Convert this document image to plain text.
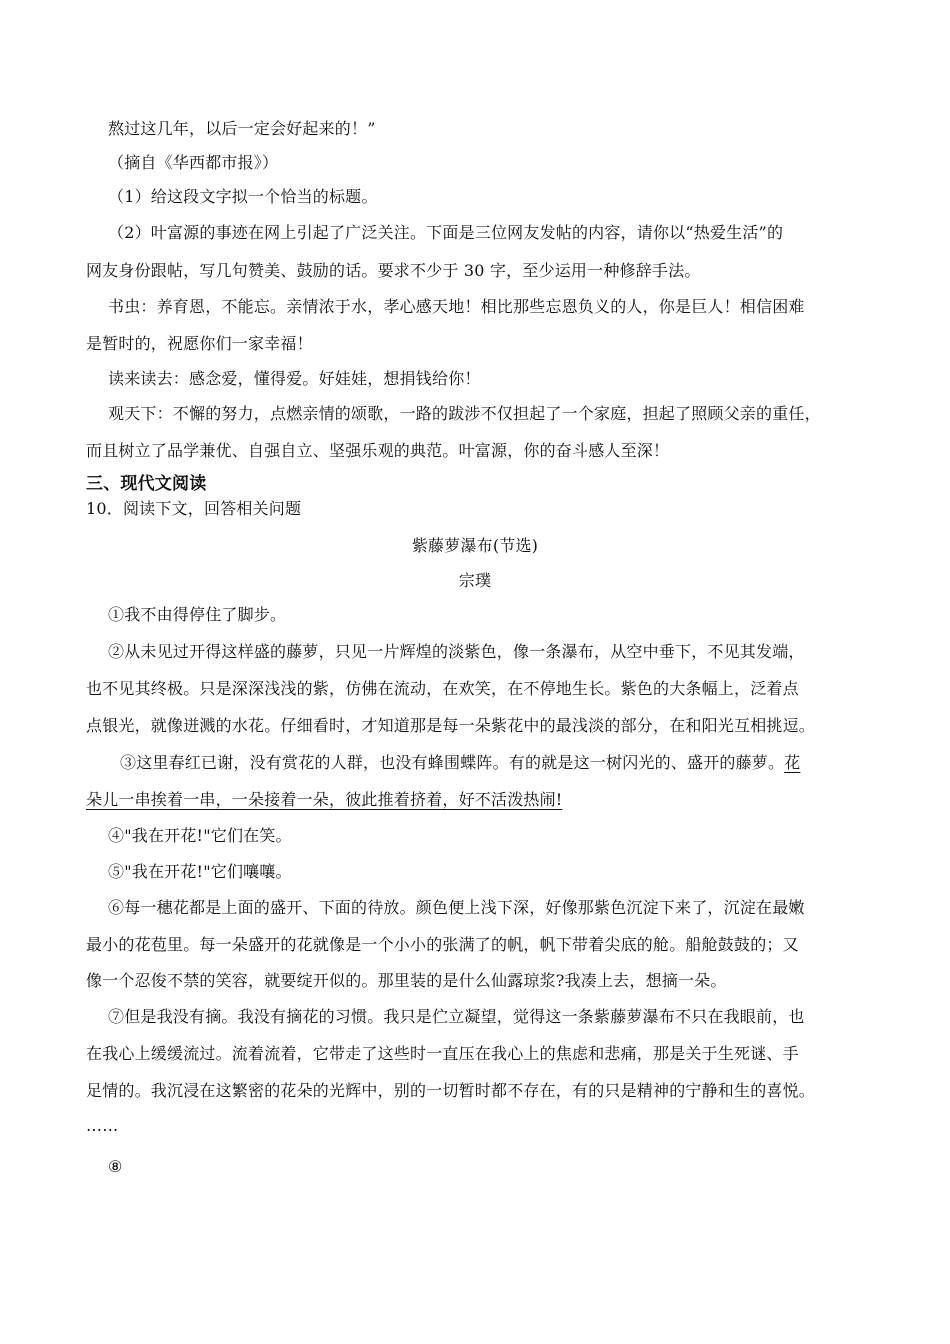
熬过这几年，以后一定会好起来的！”
（摘自《华西都市报》）
（1）给这段文字拟一个恰当的标题。
（2）叶富源的事迹在网上引起了广泛关注。下面是三位网友发帖的内容，请你以“热爱生活”的
网友身份跟帖，写几句赞美、鼓励的话。要求不少于 30 字，至少运用一种修辞手法。
书虫：养育恩，不能忘。亲情浓于水，孝心感天地！相比那些忘恩负义的人，你是巨人！相信困难
是暂时的，祝愿你们一家幸福！
读来读去：感念爱，懂得爱。好娃娃，想捐钱给你！
观天下：不懈的努力，点燃亲情的颂歌，一路的跋涉不仅担起了一个家庭，担起了照顾父亲的重任，
而且树立了品学兼优、自强自立、坚强乐观的典范。叶富源，你的奋斗感人至深！
三、现代文阅读
10．阅读下文，回答相关问题
紫藤萝瀑布(节选)
宗璞
①我不由得停住了脚步。
②从未见过开得这样盛的藤萝，只见一片辉煌的淡紫色，像一条瀑布，从空中垂下，不见其发端，
也不见其终极。只是深深浅浅的紫，仿佛在流动，在欢笑，在不停地生长。紫色的大条幅上，泛着点
点银光，就像迸溅的水花。仔细看时，才知道那是每一朵紫花中的最浅淡的部分，在和阳光互相挑逗。
③这里春红已谢，没有赏花的人群，也没有蜂围蝶阵。有的就是这一树闪光的、盛开的藤萝。花
朵儿一串挨着一串，一朵接着一朵，彼此推着挤着，好不活泼热闹!
④"我在开花!"它们在笑。
⑤"我在开花!"它们嚷嚷。
⑥每一穗花都是上面的盛开、下面的待放。颜色便上浅下深，好像那紫色沉淀下来了，沉淀在最嫩
最小的花苞里。每一朵盛开的花就像是一个小小的张满了的帆，帆下带着尖底的舱。船舱鼓鼓的；又
像一个忍俊不禁的笑容，就要绽开似的。那里装的是什么仙露琼浆?我凑上去，想摘一朵。
⑦但是我没有摘。我没有摘花的习惯。我只是伫立凝望，觉得这一条紫藤萝瀑布不只在我眼前，也
在我心上缓缓流过。流着流着，它带走了这些时一直压在我心上的焦虑和悲痛，那是关于生死谜、手
足情的。我沉浸在这繁密的花朵的光辉中，别的一切暂时都不存在，有的只是精神的宁静和生的喜悦。
……
⑧
